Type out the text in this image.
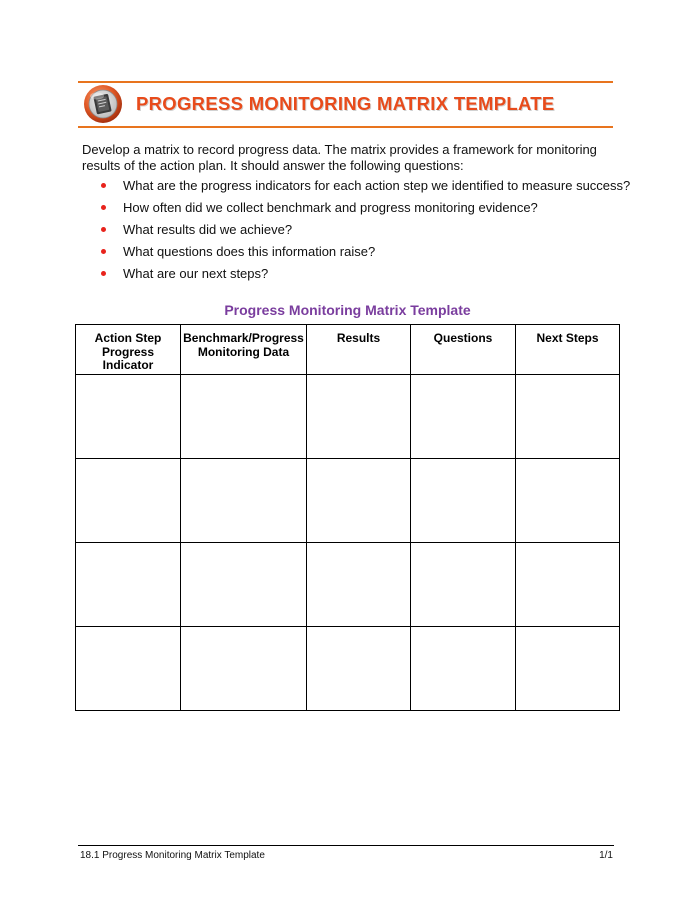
PROGRESS MONITORING MATRIX TEMPLATE
Develop a matrix to record progress data. The matrix provides a framework for monitoring results of the action plan. It should answer the following questions:
What are the progress indicators for each action step we identified to measure success?
How often did we collect benchmark and progress monitoring evidence?
What results did we achieve?
What questions does this information raise?
What are our next steps?
Progress Monitoring Matrix Template
Action Step Progress Indicator	Benchmark/Progress Monitoring Data	Results	Questions	Next Steps

18.1 Progress Monitoring Matrix Template	1/1
